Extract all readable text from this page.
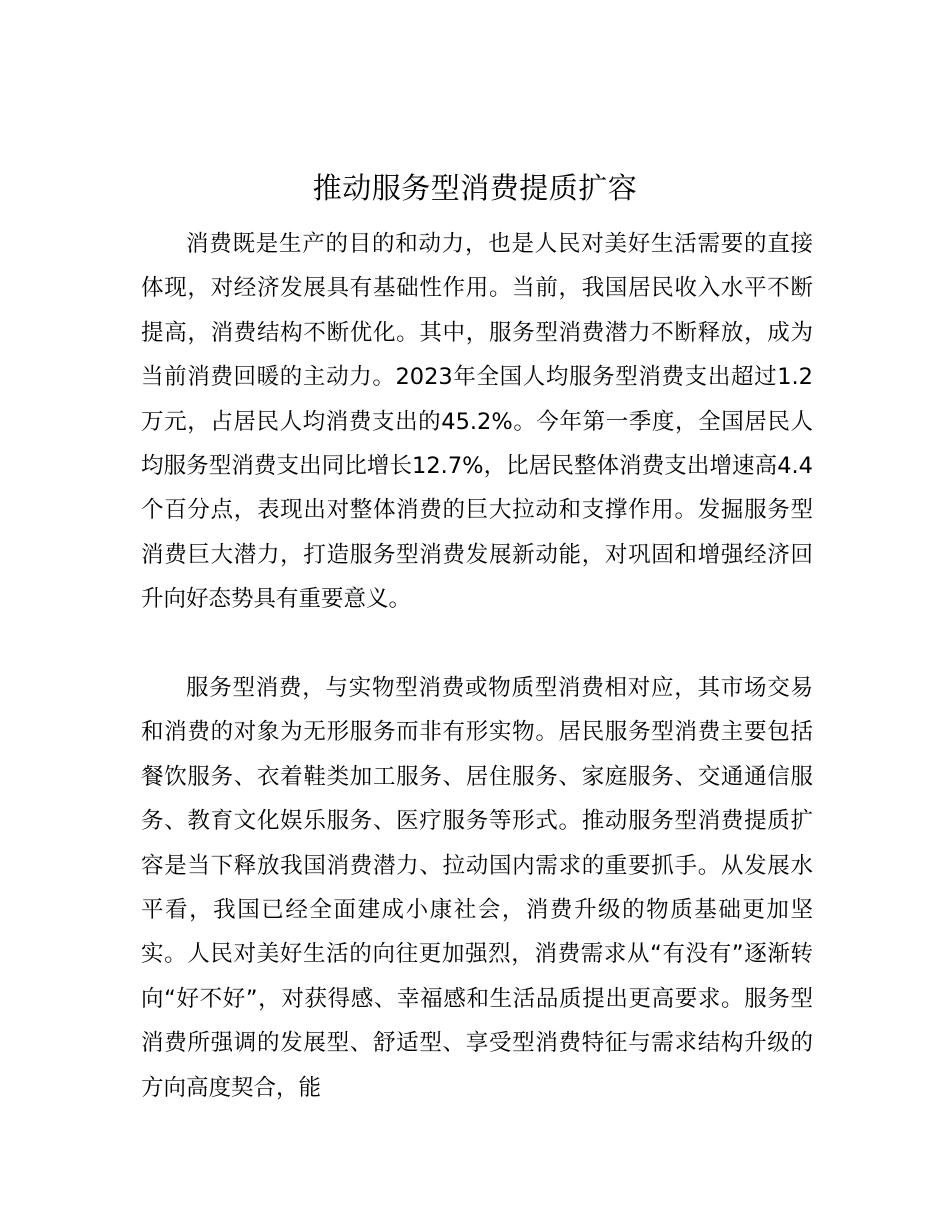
推动服务型消费提质扩容

消费既是生产的目的和动力，也是人民对美好生活需要的直接体现，对经济发展具有基础性作用。当前，我国居民收入水平不断提高，消费结构不断优化。其中，服务型消费潜力不断释放，成为当前消费回暖的主动力。2023年全国人均服务型消费支出超过1.2万元，占居民人均消费支出的45.2%。今年第一季度，全国居民人均服务型消费支出同比增长12.7%，比居民整体消费支出增速高4.4个百分点，表现出对整体消费的巨大拉动和支撑作用。发掘服务型消费巨大潜力，打造服务型消费发展新动能，对巩固和增强经济回升向好态势具有重要意义。

服务型消费，与实物型消费或物质型消费相对应，其市场交易和消费的对象为无形服务而非有形实物。居民服务型消费主要包括餐饮服务、衣着鞋类加工服务、居住服务、家庭服务、交通通信服务、教育文化娱乐服务、医疗服务等形式。推动服务型消费提质扩容是当下释放我国消费潜力、拉动国内需求的重要抓手。从发展水平看，我国已经全面建成小康社会，消费升级的物质基础更加坚实。人民对美好生活的向往更加强烈，消费需求从“有没有”逐渐转向“好不好”，对获得感、幸福感和生活品质提出更高要求。服务型消费所强调的发展型、舒适型、享受型消费特征与需求结构升级的方向高度契合，能
